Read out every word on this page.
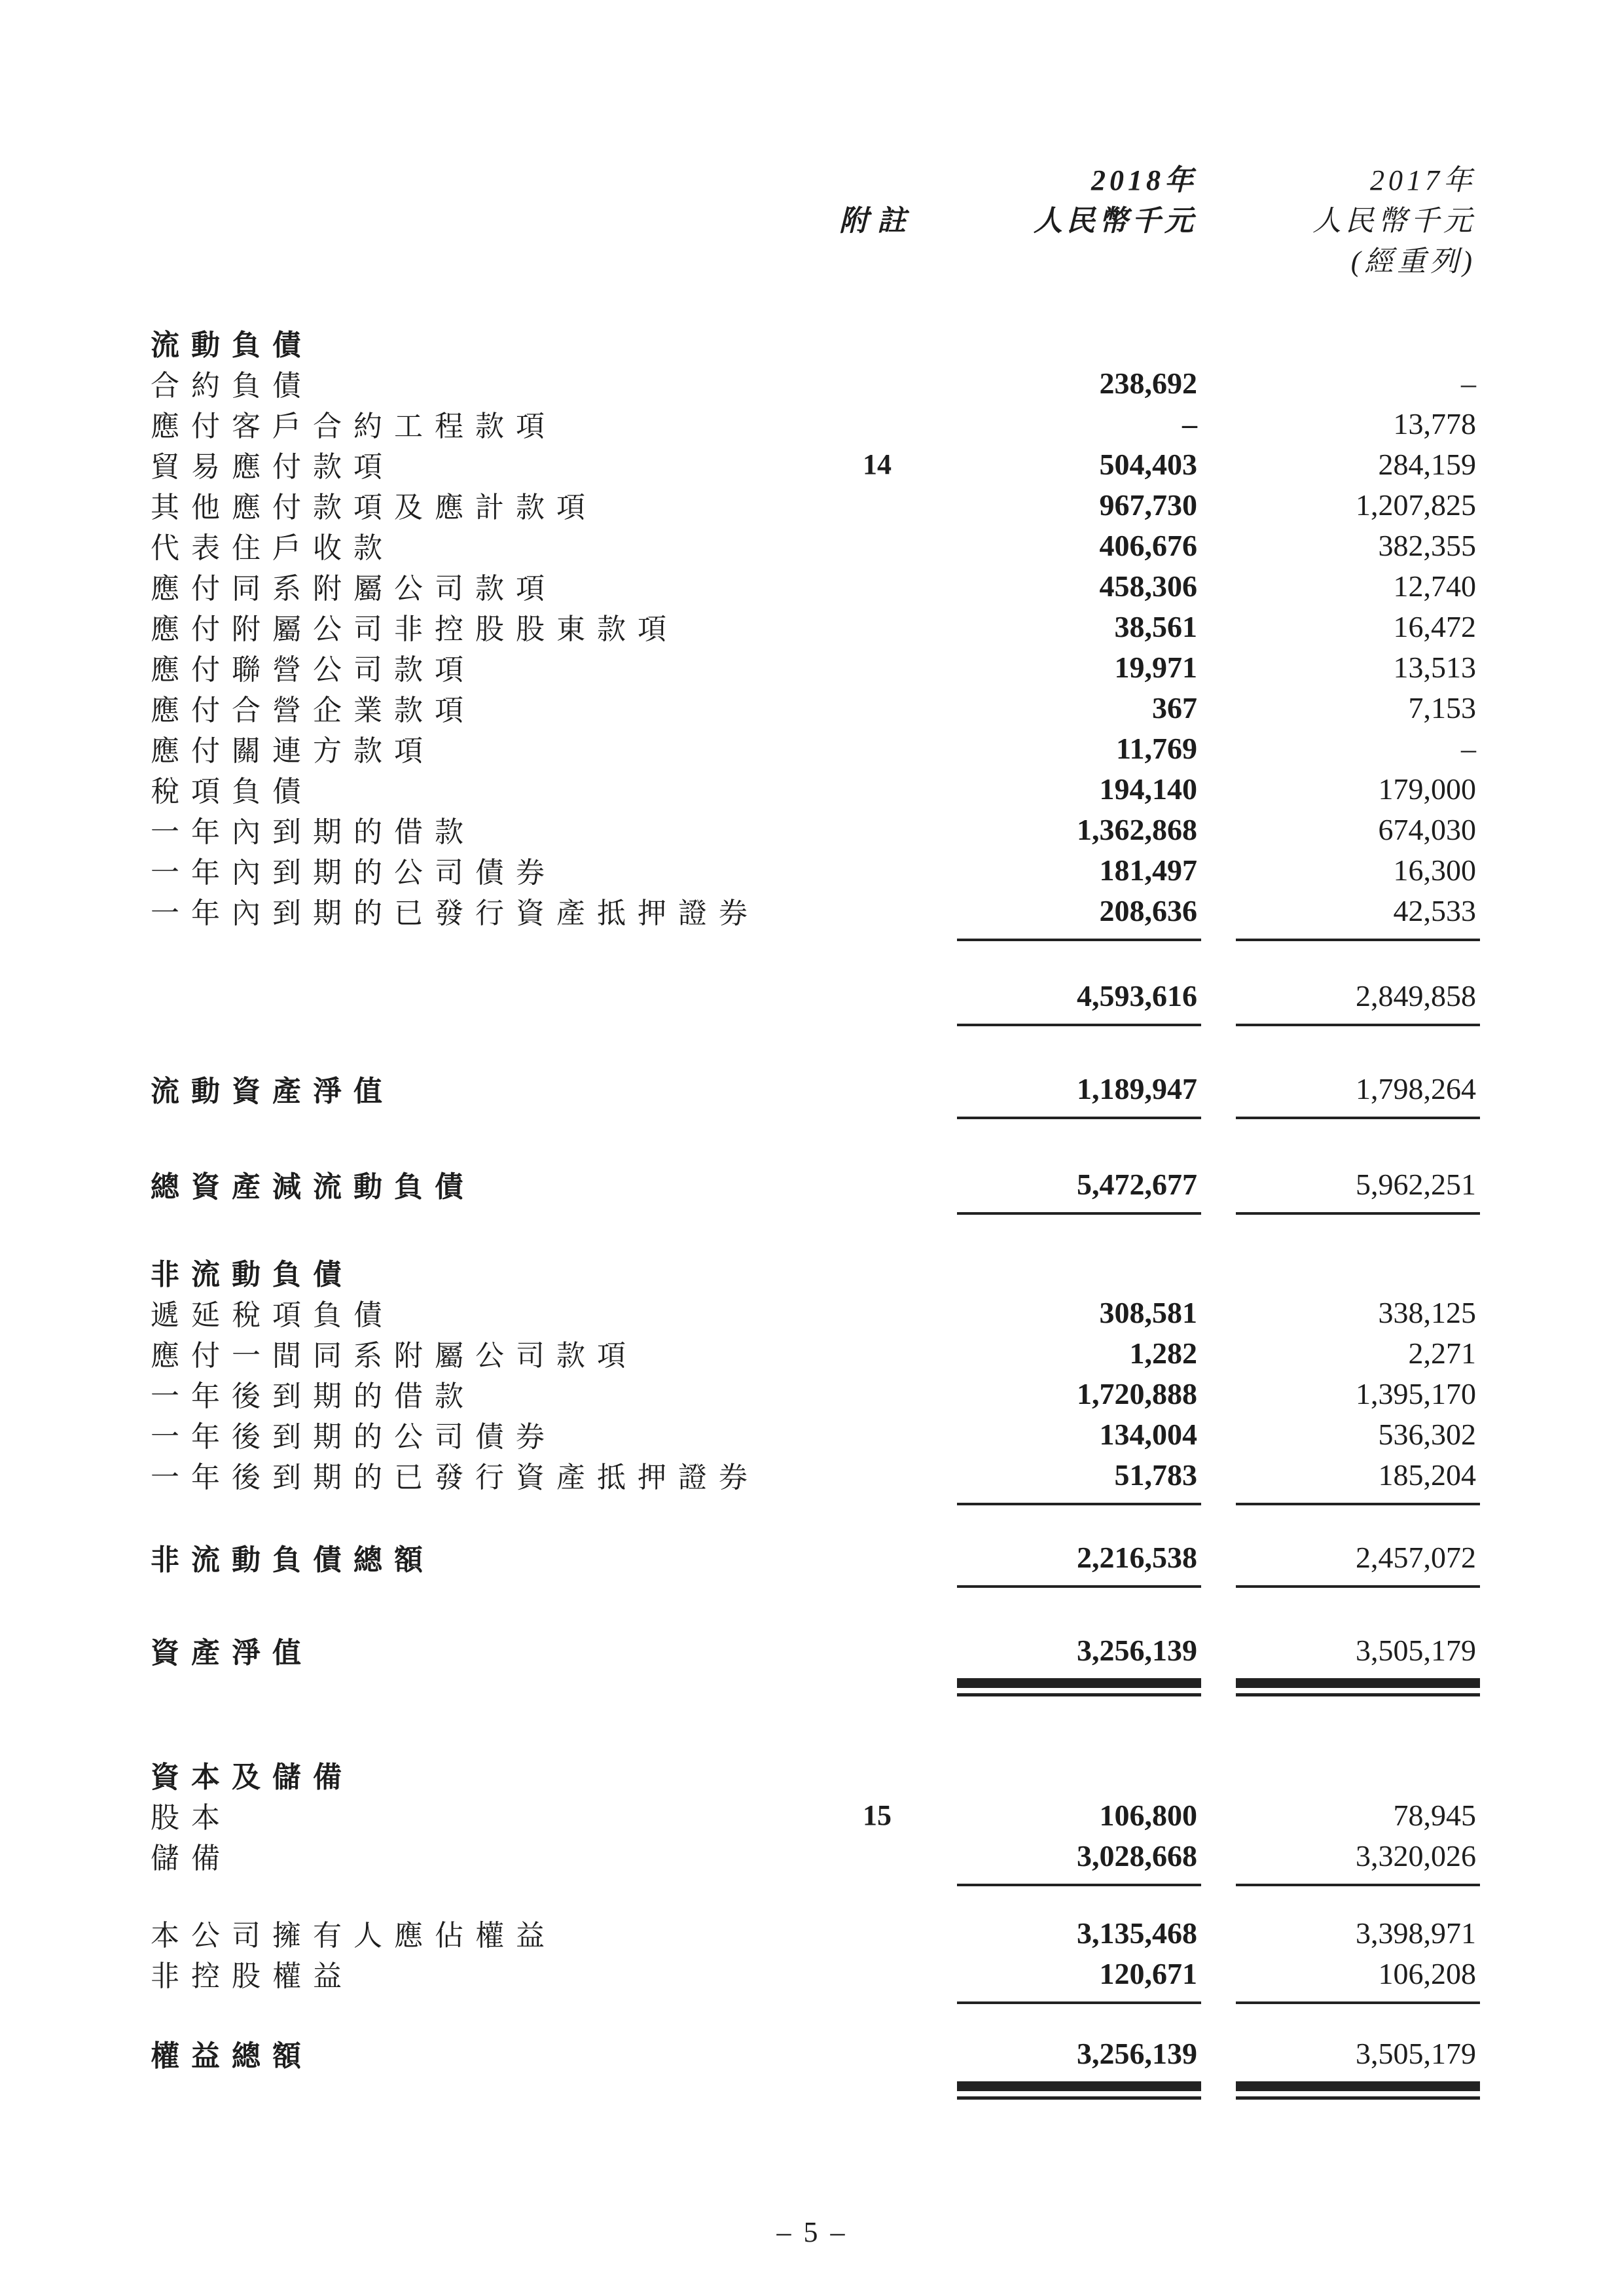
2018年	2017年
附註	人民幣千元	人民幣千元
(經重列)
流動負債
合約負債	238,692	–
應付客戶合約工程款項	–	13,778
貿易應付款項	14	504,403	284,159
其他應付款項及應計款項	967,730	1,207,825
代表住戶收款	406,676	382,355
應付同系附屬公司款項	458,306	12,740
應付附屬公司非控股股東款項	38,561	16,472
應付聯營公司款項	19,971	13,513
應付合營企業款項	367	7,153
應付關連方款項	11,769	–
稅項負債	194,140	179,000
一年內到期的借款	1,362,868	674,030
一年內到期的公司債券	181,497	16,300
一年內到期的已發行資產抵押證券	208,636	42,533
4,593,616	2,849,858
流動資產淨值	1,189,947	1,798,264
總資產減流動負債	5,472,677	5,962,251
非流動負債
遞延稅項負債	308,581	338,125
應付一間同系附屬公司款項	1,282	2,271
一年後到期的借款	1,720,888	1,395,170
一年後到期的公司債券	134,004	536,302
一年後到期的已發行資產抵押證券	51,783	185,204
非流動負債總額	2,216,538	2,457,072
資產淨值	3,256,139	3,505,179
資本及儲備
股本	15	106,800	78,945
儲備	3,028,668	3,320,026
本公司擁有人應佔權益	3,135,468	3,398,971
非控股權益	120,671	106,208
權益總額	3,256,139	3,505,179
– 5 –
